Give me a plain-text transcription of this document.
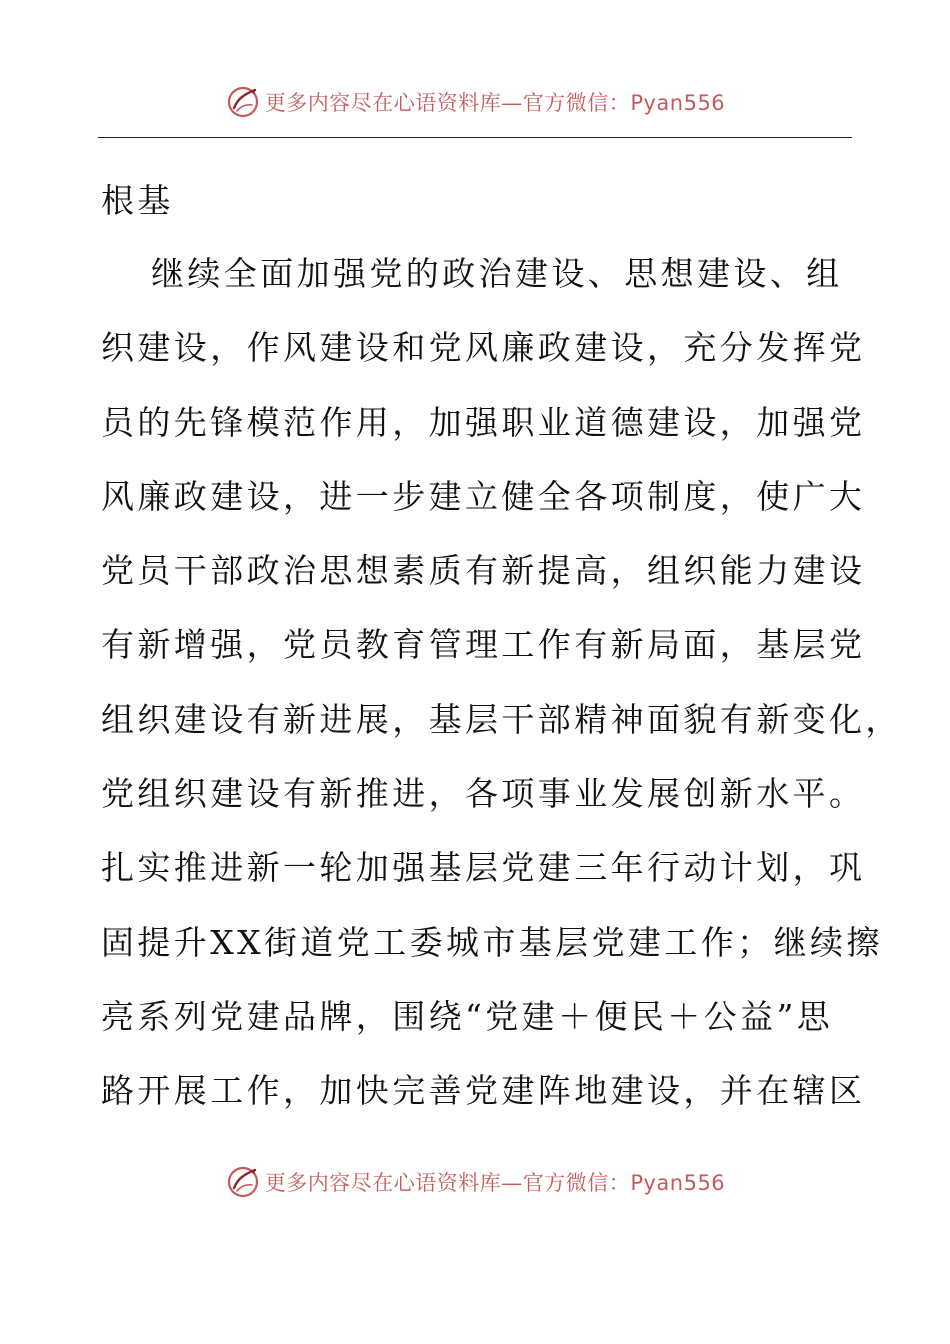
更多内容尽在心语资料库—官方微信：Pyan556
根基
继续全面加强党的政治建设、思想建设、组
织建设，作风建设和党风廉政建设，充分发挥党
员的先锋模范作用，加强职业道德建设，加强党
风廉政建设，进一步建立健全各项制度，使广大
党员干部政治思想素质有新提高，组织能力建设
有新增强，党员教育管理工作有新局面，基层党
组织建设有新进展，基层干部精神面貌有新变化，
党组织建设有新推进，各项事业发展创新水平。
扎实推进新一轮加强基层党建三年行动计划，巩
固提升XX街道党工委城市基层党建工作；继续擦
亮系列党建品牌，围绕“党建＋便民＋公益”思
路开展工作，加快完善党建阵地建设，并在辖区
更多内容尽在心语资料库—官方微信：Pyan556
